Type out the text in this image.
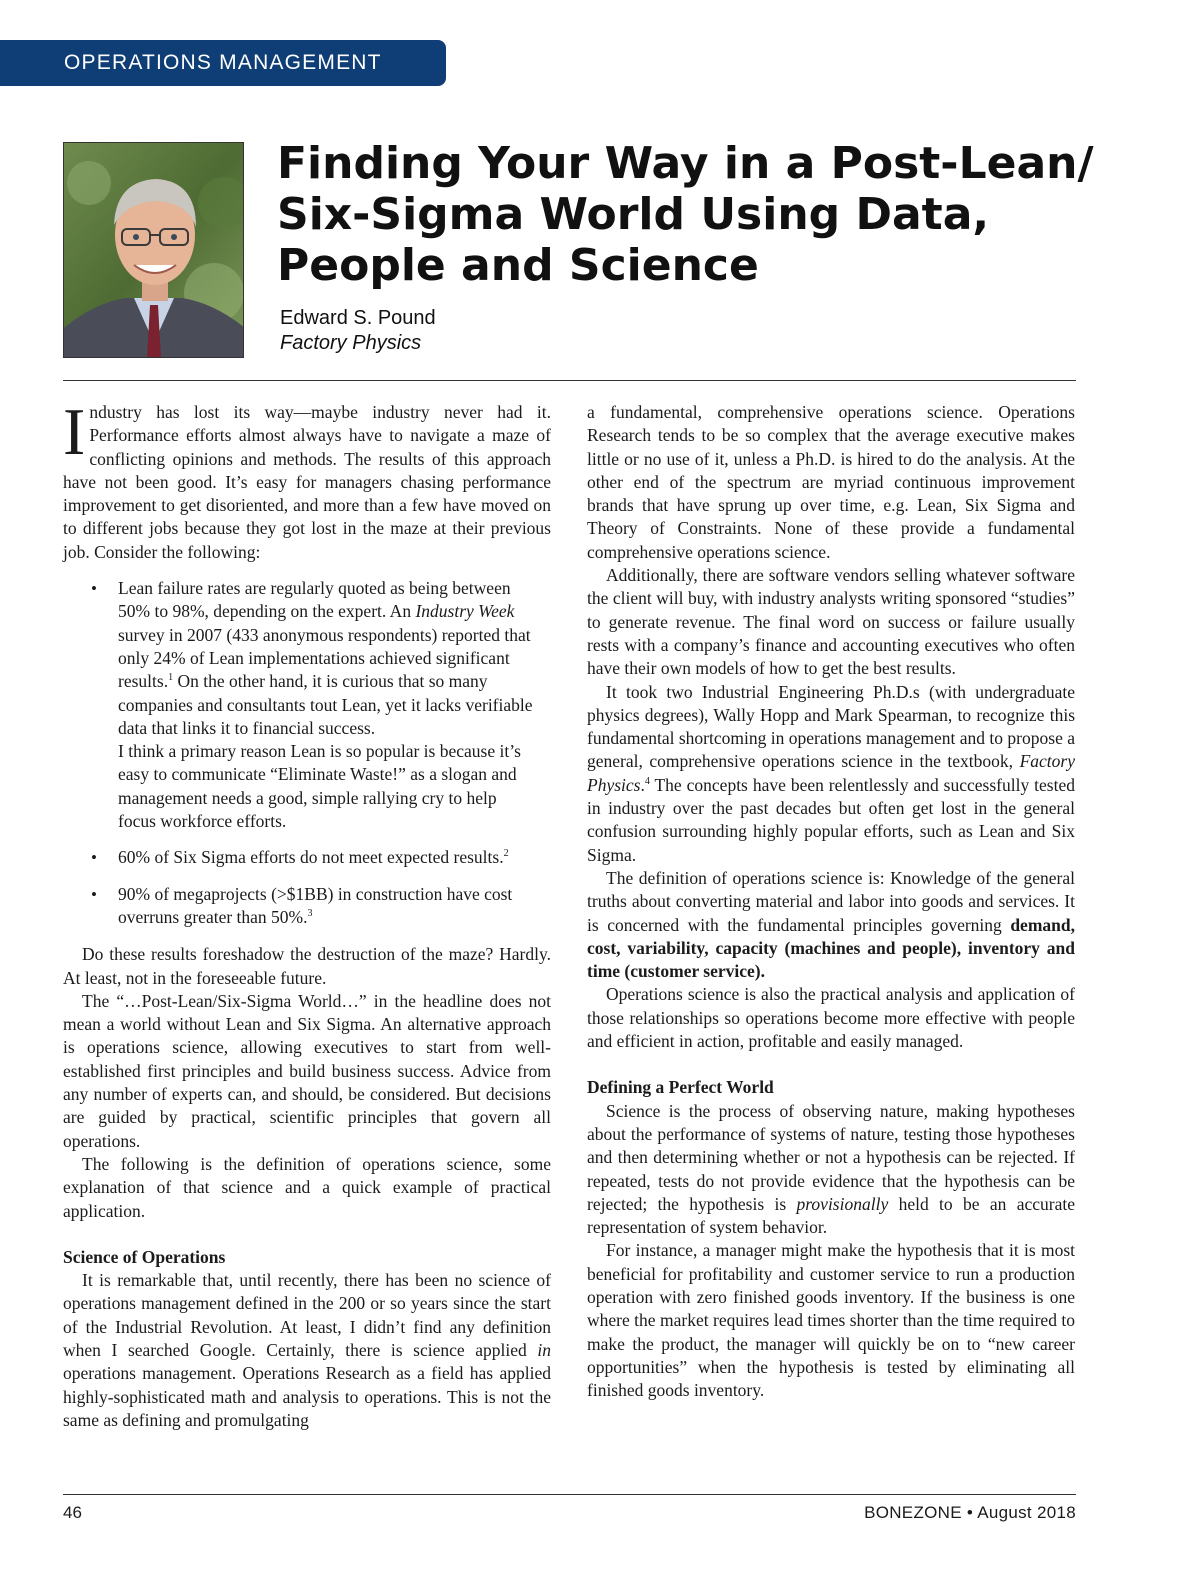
OPERATIONS MANAGEMENT
Finding Your Way in a Post-Lean/ Six-Sigma World Using Data, People and Science
Edward S. Pound
Factory Physics

Industry has lost its way—maybe industry never had it. Performance efforts almost always have to navigate a maze of conflicting opinions and methods. The results of this approach have not been good. It’s easy for managers chasing performance improvement to get disoriented, and more than a few have moved on to different jobs because they got lost in the maze at their previous job. Consider the following:

• Lean failure rates are regularly quoted as being between 50% to 98%, depending on the expert. An Industry Week survey in 2007 (433 anonymous respondents) reported that only 24% of Lean implementations achieved significant results.$^1$ On the other hand, it is curious that so many companies and consultants tout Lean, yet it lacks verifiable data that links it to financial success.
I think a primary reason Lean is so popular is because it’s easy to communicate “Eliminate Waste!” as a slogan and management needs a good, simple rallying cry to help focus workforce efforts.
• 60% of Six Sigma efforts do not meet expected results.$^2$
• 90% of megaprojects (>$1BB) in construction have cost overruns greater than 50%.$^3$

Do these results foreshadow the destruction of the maze? Hardly. At least, not in the foreseeable future.

The “…Post-Lean/Six-Sigma World…” in the headline does not mean a world without Lean and Six Sigma. An alternative approach is operations science, allowing executives to start from well-established first principles and build business success. Advice from any number of experts can, and should, be considered. But decisions are guided by practical, scientific principles that govern all operations.

The following is the definition of operations science, some explanation of that science and a quick example of practical application.

Science of Operations

It is remarkable that, until recently, there has been no science of operations management defined in the 200 or so years since the start of the Industrial Revolution. At least, I didn’t find any definition when I searched Google. Certainly, there is science applied in operations management. Operations Research as a field has applied highly-sophisticated math and analysis to operations. This is not the same as defining and promulgating

a fundamental, comprehensive operations science. Operations Research tends to be so complex that the average executive makes little or no use of it, unless a Ph.D. is hired to do the analysis. At the other end of the spectrum are myriad continuous improvement brands that have sprung up over time, e.g. Lean, Six Sigma and Theory of Constraints. None of these provide a fundamental comprehensive operations science.

Additionally, there are software vendors selling whatever software the client will buy, with industry analysts writing sponsored “studies” to generate revenue. The final word on success or failure usually rests with a company’s finance and accounting executives who often have their own models of how to get the best results.

It took two Industrial Engineering Ph.D.s (with undergraduate physics degrees), Wally Hopp and Mark Spearman, to recognize this fundamental shortcoming in operations management and to propose a general, comprehensive operations science in the textbook, Factory Physics.$^4$ The concepts have been relentlessly and successfully tested in industry over the past decades but often get lost in the general confusion surrounding highly popular efforts, such as Lean and Six Sigma.

The definition of operations science is: Knowledge of the general truths about converting material and labor into goods and services. It is concerned with the fundamental principles governing demand, cost, variability, capacity (machines and people), inventory and time (customer service).

Operations science is also the practical analysis and application of those relationships so operations become more effective with people and efficient in action, profitable and easily managed.

Defining a Perfect World

Science is the process of observing nature, making hypotheses about the performance of systems of nature, testing those hypotheses and then determining whether or not a hypothesis can be rejected. If repeated, tests do not provide evidence that the hypothesis can be rejected; the hypothesis is provisionally held to be an accurate representation of system behavior.

For instance, a manager might make the hypothesis that it is most beneficial for profitability and customer service to run a production operation with zero finished goods inventory. If the business is one where the market requires lead times shorter than the time required to make the product, the manager will quickly be on to “new career opportunities” when the hypothesis is tested by eliminating all finished goods inventory.

46	BONEZONE • August 2018
